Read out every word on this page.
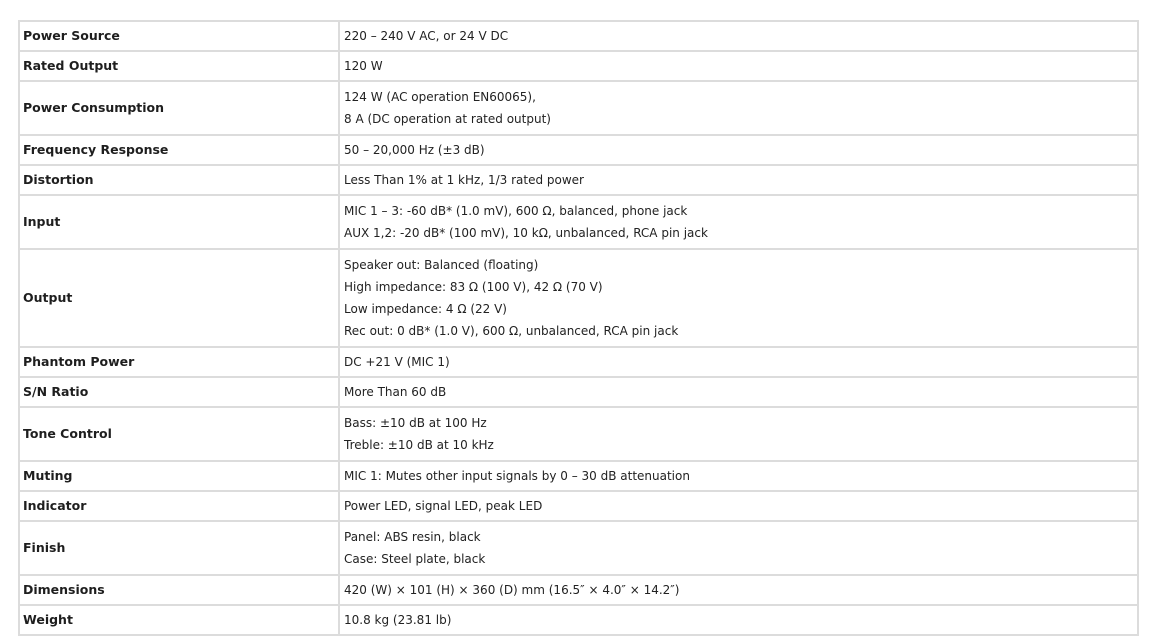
Power Source	220 – 240 V AC, or 24 V DC

Rated Output	120 W

Power Consumption	124 W (AC operation EN60065),
8 A (DC operation at rated output)

Frequency Response	50 – 20,000 Hz (±3 dB)

Distortion	Less Than 1% at 1 kHz, 1/3 rated power

Input	MIC 1 – 3: -60 dB* (1.0 mV), 600 Ω, balanced, phone jack
AUX 1,2: -20 dB* (100 mV), 10 kΩ, unbalanced, RCA pin jack

Output	Speaker out: Balanced (floating)
High impedance: 83 Ω (100 V), 42 Ω (70 V)
Low impedance: 4 Ω (22 V)
Rec out: 0 dB* (1.0 V), 600 Ω, unbalanced, RCA pin jack

Phantom Power	DC +21 V (MIC 1)

S/N Ratio	More Than 60 dB

Tone Control	Bass: ±10 dB at 100 Hz
Treble: ±10 dB at 10 kHz

Muting	MIC 1: Mutes other input signals by 0 – 30 dB attenuation

Indicator	Power LED, signal LED, peak LED

Finish	Panel: ABS resin, black
Case: Steel plate, black

Dimensions	420 (W) × 101 (H) × 360 (D) mm (16.5″ × 4.0″ × 14.2″)

Weight	10.8 kg (23.81 lb)
